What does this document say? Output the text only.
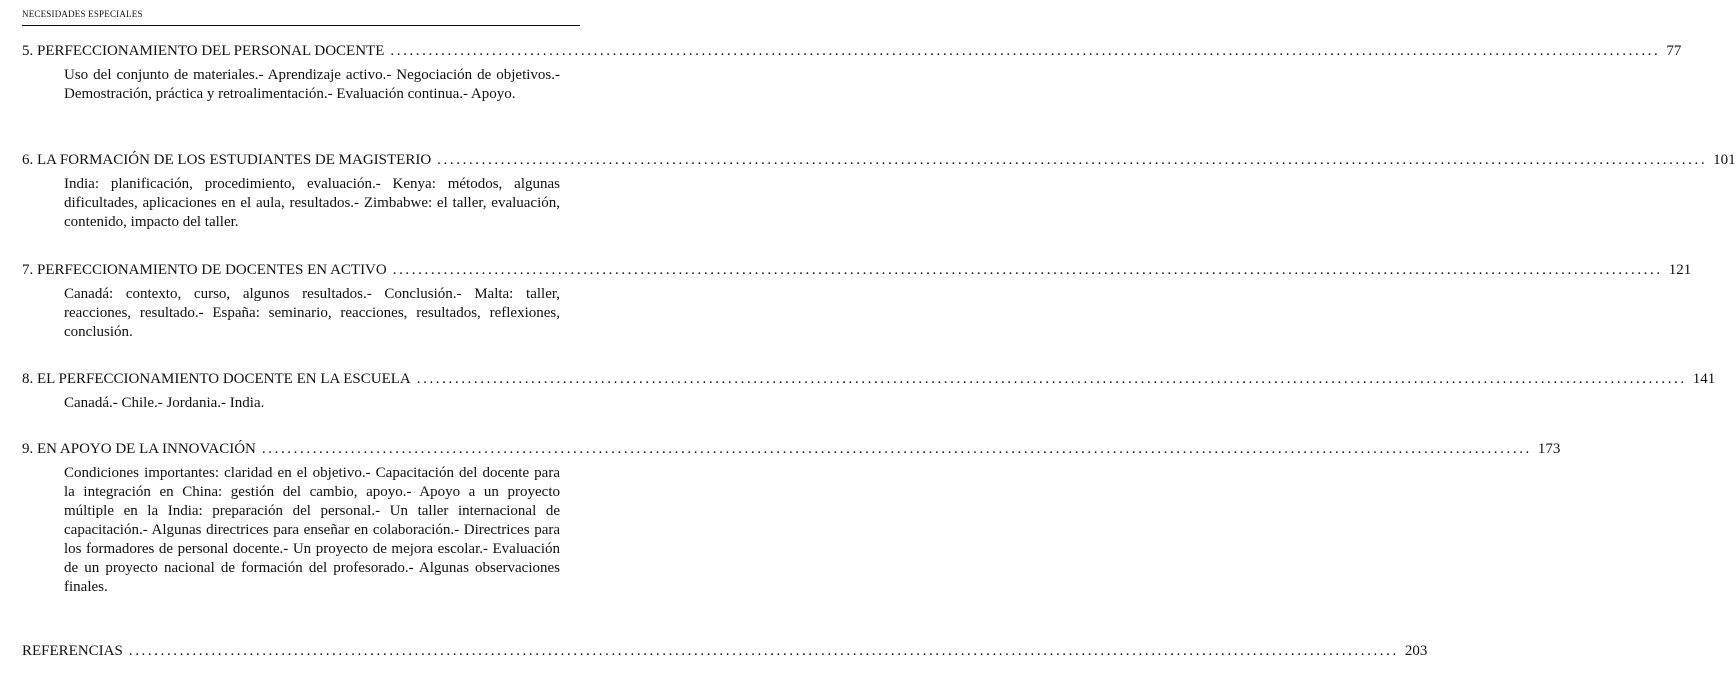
NECESIDADES ESPECIALES
5. PERFECCIONAMIENTO DEL PERSONAL DOCENTE ........................................................................................................................................................................................................ 77
Uso del conjunto de materiales.- Aprendizaje activo.- Negociación de objetivos.- Demostración, práctica y retroalimentación.- Evaluación continua.- Apoyo.
6. LA FORMACIÓN DE LOS ESTUDIANTES DE MAGISTERIO ........................................................................................................................................................................................................ 101
India: planificación, procedimiento, evaluación.- Kenya: métodos, algunas dificultades, aplicaciones en el aula, resultados.- Zimbabwe: el taller, evaluación, contenido, impacto del taller.
7. PERFECCIONAMIENTO DE DOCENTES EN ACTIVO ........................................................................................................................................................................................................ 121
Canadá: contexto, curso, algunos resultados.- Conclusión.- Malta: taller, reacciones, resultado.- España: seminario, reacciones, resultados, reflexiones, conclusión.
8. EL PERFECCIONAMIENTO DOCENTE EN LA ESCUELA ........................................................................................................................................................................................................ 141
Canadá.- Chile.- Jordania.- India.
9. EN APOYO DE LA INNOVACIÓN ........................................................................................................................................................................................................ 173
Condiciones importantes: claridad en el objetivo.- Capacitación del docente para la integración en China: gestión del cambio, apoyo.- Apoyo a un proyecto múltiple en la India: preparación del personal.- Un taller internacional de capacitación.- Algunas directrices para enseñar en colaboración.- Directrices para los formadores de personal docente.- Un proyecto de mejora escolar.- Evaluación de un proyecto nacional de formación del profesorado.- Algunas observaciones finales.
REFERENCIAS ........................................................................................................................................................................................................ 203
